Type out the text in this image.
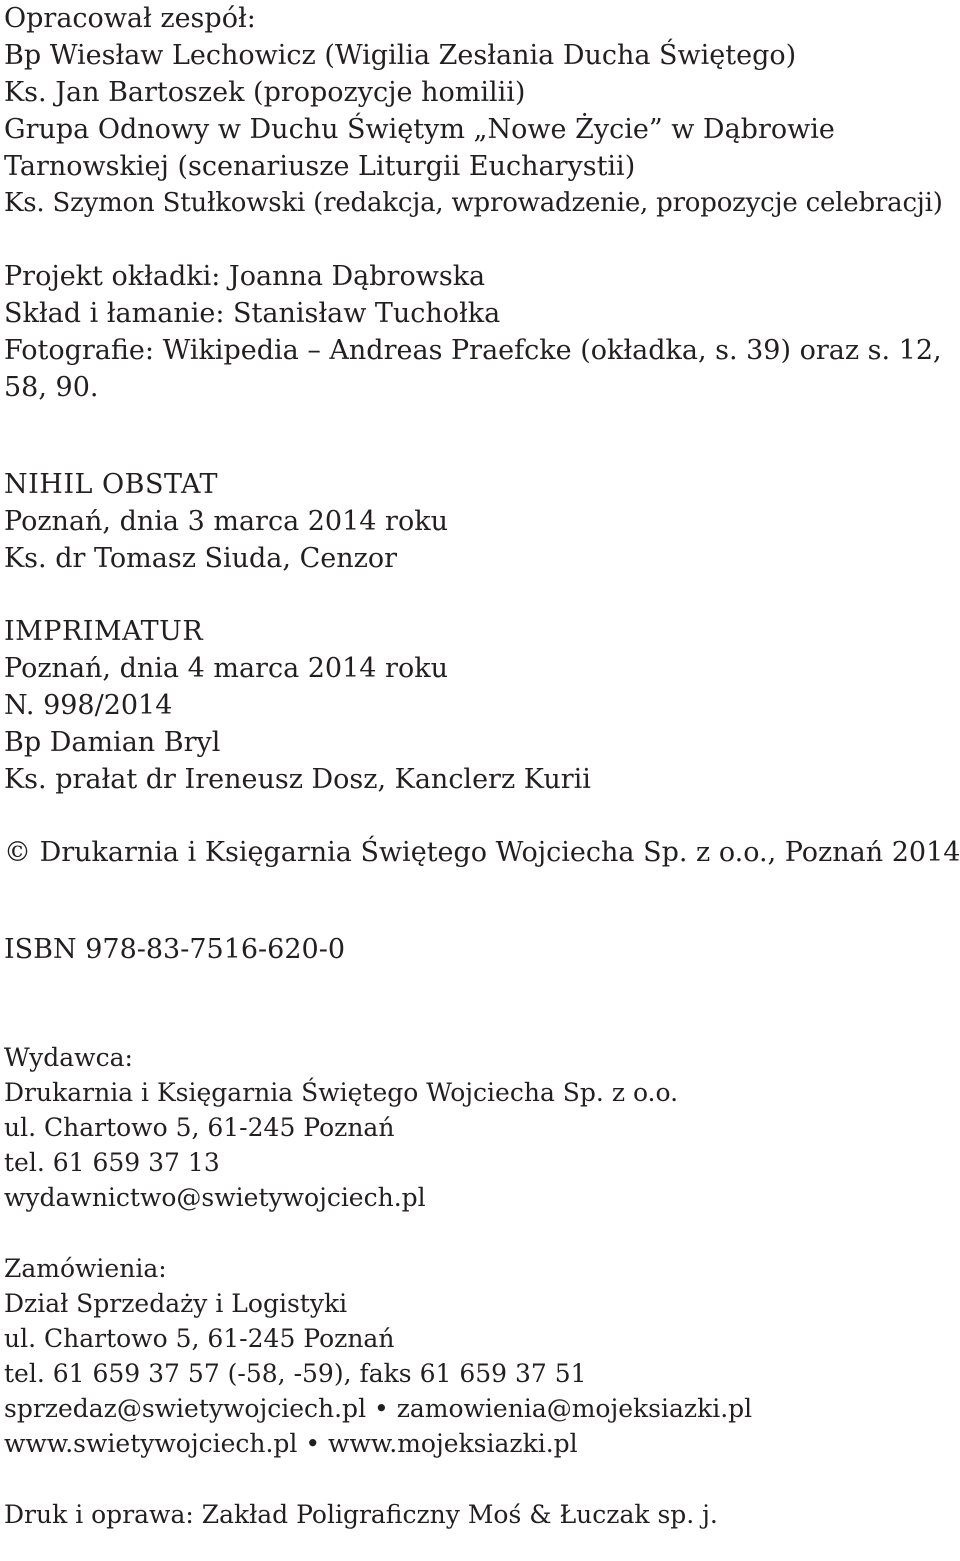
Opracował zespół:
Bp Wiesław Lechowicz (Wigilia Zesłania Ducha Świętego)
Ks. Jan Bartoszek (propozycje homilii)
Grupa Odnowy w Duchu Świętym „Nowe Życie” w Dąbrowie
Tarnowskiej (scenariusze Liturgii Eucharystii)
Ks. Szymon Stułkowski (redakcja, wprowadzenie, propozycje celebracji)
Projekt okładki: Joanna Dąbrowska
Skład i łamanie: Stanisław Tuchołka
Fotografie: Wikipedia – Andreas Praefcke (okładka, s. 39) oraz s. 12, 58, 90.
NIHIL OBSTAT
Poznań, dnia 3 marca 2014 roku
Ks. dr Tomasz Siuda, Cenzor
IMPRIMATUR
Poznań, dnia 4 marca 2014 roku
N. 998/2014
Bp Damian Bryl
Ks. prałat dr Ireneusz Dosz, Kanclerz Kurii
© Drukarnia i Księgarnia Świętego Wojciecha Sp. z o.o., Poznań 2014
ISBN 978-83-7516-620-0
Wydawca:
Drukarnia i Księgarnia Świętego Wojciecha Sp. z o.o.
ul. Chartowo 5, 61-245 Poznań
tel. 61 659 37 13
wydawnictwo@swietywojciech.pl
Zamówienia:
Dział Sprzedaży i Logistyki
ul. Chartowo 5, 61-245 Poznań
tel. 61 659 37 57 (-58, -59), faks 61 659 37 51
sprzedaz@swietywojciech.pl • zamowienia@mojeksiazki.pl
www.swietywojciech.pl • www.mojeksiazki.pl
Druk i oprawa: Zakład Poligraficzny Moś & Łuczak sp. j.
